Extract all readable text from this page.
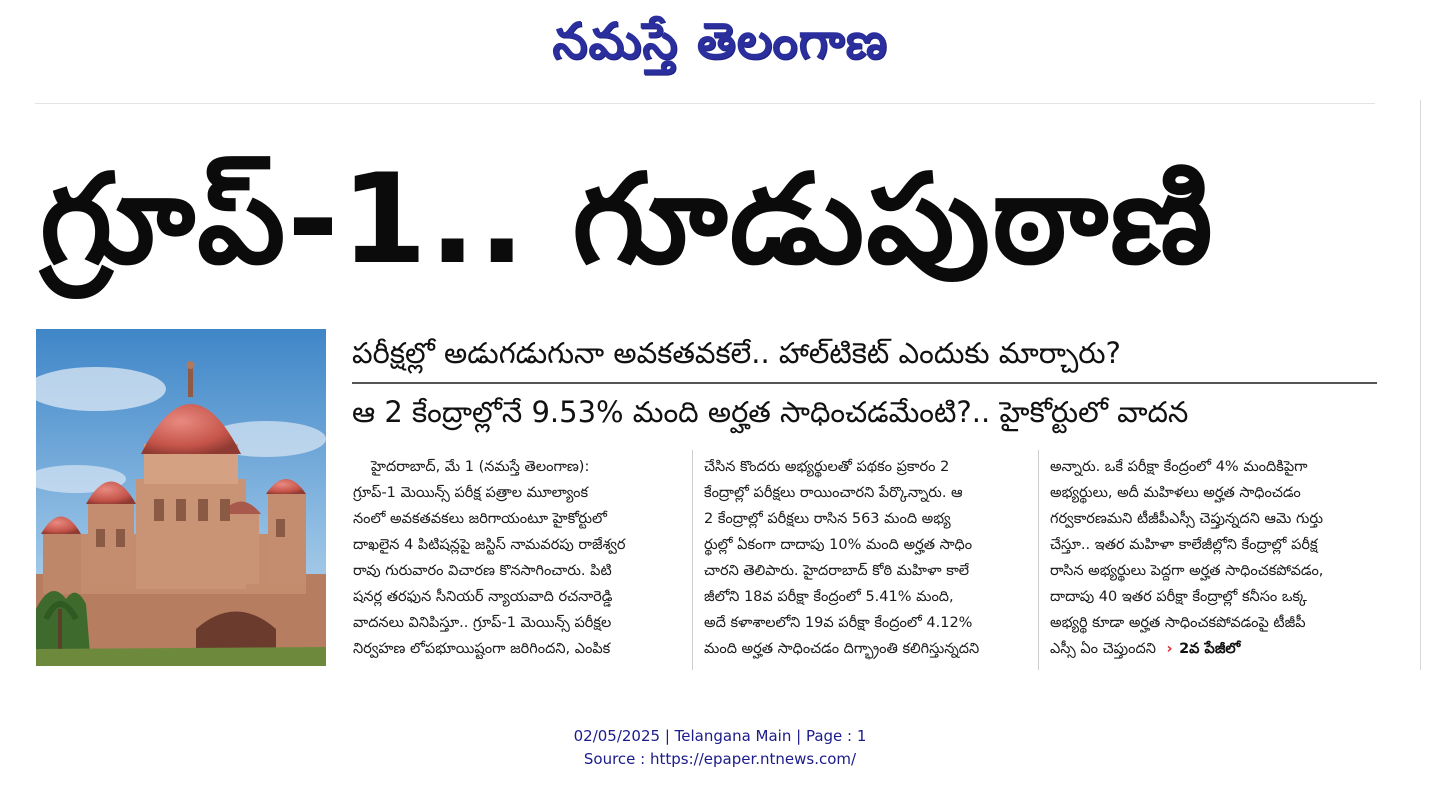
నమస్తే తెలంగాణ
గ్రూప్‌-1.. గూడుపుఠాణి
పరీక్షల్లో అడుగడుగునా అవకతవకలే.. హాల్‌టికెట్‌ ఎందుకు మార్చారు?
ఆ 2 కేంద్రాల్లోనే 9.53% మంది అర్హత సాధించడమేంటి?.. హైకోర్టులో వాదన

హైదరాబాద్‌, మే 1 (నమస్తే తెలంగాణ):

గ్రూప్‌-1 మెయిన్స్‌ పరీక్ష పత్రాల మూల్యాంక

నంలో అవకతవకలు జరిగాయంటూ హైకోర్టులో

దాఖలైన 4 పిటిషన్లపై జస్టిస్‌ నామవరపు రాజేశ్వర

రావు గురువారం విచారణ కొనసాగించారు. పిటి

షనర్ల తరఫున సీనియర్‌ న్యాయవాది రచనారెడ్డి

వాదనలు వినిపిస్తూ.. గ్రూప్‌-1 మెయిన్స్‌ పరీక్షల

నిర్వహణ లోపభూయిష్టంగా జరిగిందని, ఎంపిక

చేసిన కొందరు అభ్యర్థులతో పథకం ప్రకారం 2

కేంద్రాల్లో పరీక్షలు రాయించారని పేర్కొన్నారు. ఆ

2 కేంద్రాల్లో పరీక్షలు రాసిన 563 మంది అభ్య

ర్థుల్లో ఏకంగా దాదాపు 10% మంది అర్హత సాధిం

చారని తెలిపారు. హైదరాబాద్‌ కోఠి మహిళా కాలే

జీలోని 18వ పరీక్షా కేంద్రంలో 5.41% మంది,

అదే కళాశాలలోని 19వ పరీక్షా కేంద్రంలో 4.12%

మంది అర్హత సాధించడం దిగ్భ్రాంతి కలిగిస్తున్నదని

అన్నారు. ఒకే పరీక్షా కేంద్రంలో 4% మందికిపైగా

అభ్యర్థులు, అదీ మహిళలు అర్హత సాధించడం

గర్వకారణమని టీజీపీఎస్సీ చెప్తున్నదని ఆమె గుర్తు

చేస్తూ.. ఇతర మహిళా కాలేజీల్లోని కేంద్రాల్లో పరీక్ష

రాసిన అభ్యర్థులు పెద్దగా అర్హత సాధించకపోవడం,

దాదాపు 40 ఇతర పరీక్షా కేంద్రాల్లో కనీసం ఒక్క

అభ్యర్థి కూడా అర్హత సాధించకపోవడంపై టీజీపీ

ఎస్సీ ఏం చెప్తుందని › 2వ పేజీలో

02/05/2025 | Telangana Main | Page : 1
Source : https://epaper.ntnews.com/
